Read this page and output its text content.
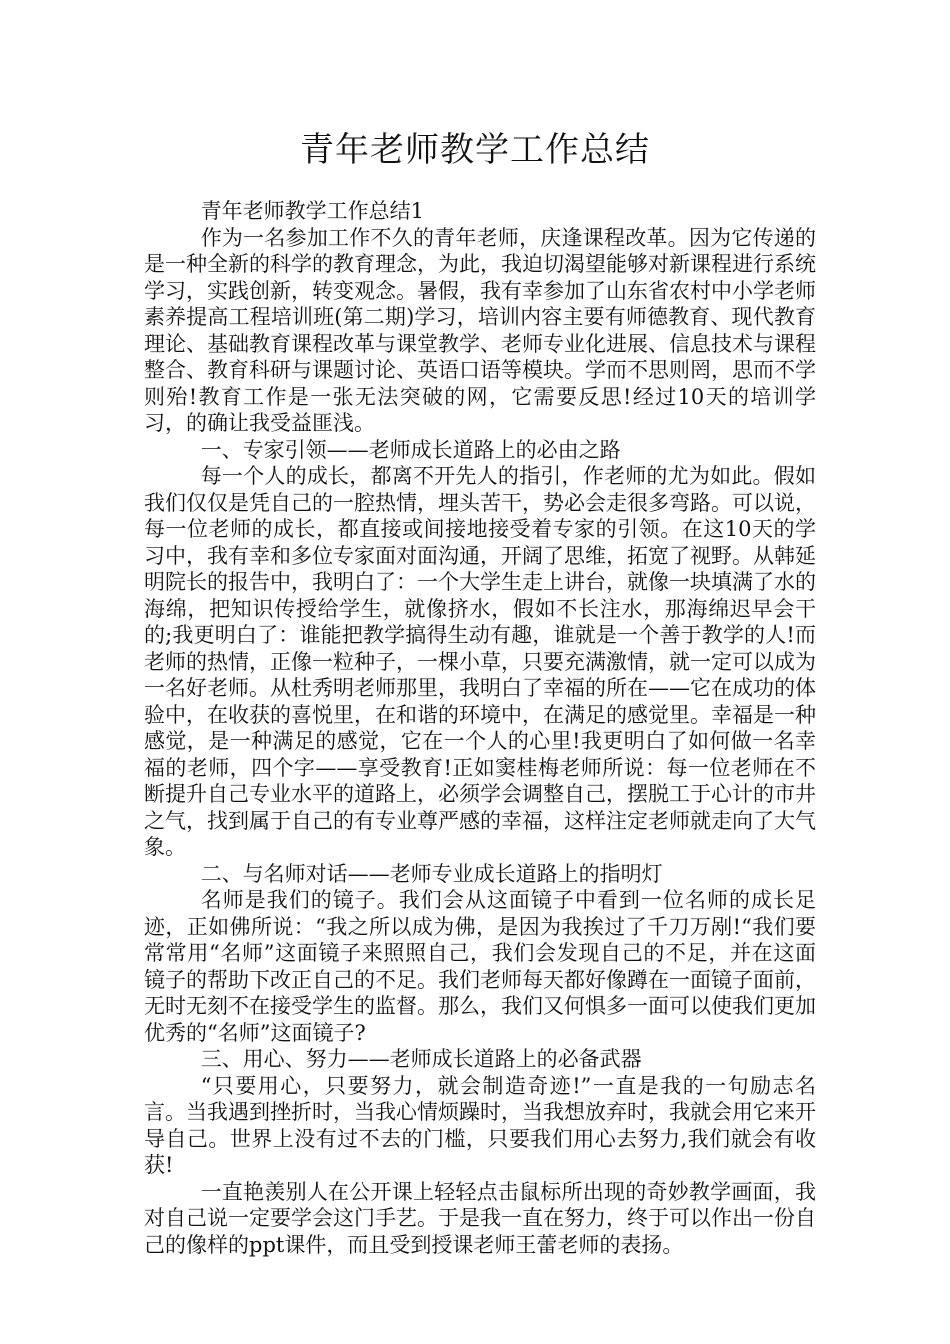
青年老师教学工作总结

青年老师教学工作总结1

作为一名参加工作不久的青年老师，庆逢课程改革。因为它传递的是一种全新的科学的教育理念，为此，我迫切渴望能够对新课程进行系统学习，实践创新，转变观念。暑假，我有幸参加了山东省农村中小学老师素养提高工程培训班(第二期)学习，培训内容主要有师德教育、现代教育理论、基础教育课程改革与课堂教学、老师专业化进展、信息技术与课程整合、教育科研与课题讨论、英语口语等模块。学而不思则罔，思而不学则殆!教育工作是一张无法突破的网，它需要反思!经过10天的培训学习，的确让我受益匪浅。

一、专家引领——老师成长道路上的必由之路

每一个人的成长，都离不开先人的指引，作老师的尤为如此。假如我们仅仅是凭自己的一腔热情，埋头苦干，势必会走很多弯路。可以说，每一位老师的成长，都直接或间接地接受着专家的引领。在这10天的学习中，我有幸和多位专家面对面沟通，开阔了思维，拓宽了视野。从韩延明院长的报告中，我明白了：一个大学生走上讲台，就像一块填满了水的海绵，把知识传授给学生，就像挤水，假如不长注水，那海绵迟早会干的;我更明白了：谁能把教学搞得生动有趣，谁就是一个善于教学的人!而老师的热情，正像一粒种子，一棵小草，只要充满激情，就一定可以成为一名好老师。从杜秀明老师那里，我明白了幸福的所在——它在成功的体验中，在收获的喜悦里，在和谐的环境中，在满足的感觉里。幸福是一种感觉，是一种满足的感觉，它在一个人的心里!我更明白了如何做一名幸福的老师，四个字——享受教育!正如窦桂梅老师所说：每一位老师在不断提升自己专业水平的道路上，必须学会调整自己，摆脱工于心计的市井之气，找到属于自己的有专业尊严感的幸福，这样注定老师就走向了大气象。

二、与名师对话——老师专业成长道路上的指明灯

名师是我们的镜子。我们会从这面镜子中看到一位名师的成长足迹，正如佛所说：“我之所以成为佛，是因为我挨过了千刀万剐!“我们要常常用“名师”这面镜子来照照自己，我们会发现自己的不足，并在这面镜子的帮助下改正自己的不足。我们老师每天都好像蹲在一面镜子面前，无时无刻不在接受学生的监督。那么，我们又何惧多一面可以使我们更加优秀的“名师”这面镜子?

三、用心、努力——老师成长道路上的必备武器

“只要用心，只要努力，就会制造奇迹!”一直是我的一句励志名言。当我遇到挫折时，当我心情烦躁时，当我想放弃时，我就会用它来开导自己。世界上没有过不去的门槛，只要我们用心去努力,我们就会有收获!

一直艳羡别人在公开课上轻轻点击鼠标所出现的奇妙教学画面，我对自己说一定要学会这门手艺。于是我一直在努力，终于可以作出一份自己的像样的ppt课件，而且受到授课老师王蕾老师的表扬。
